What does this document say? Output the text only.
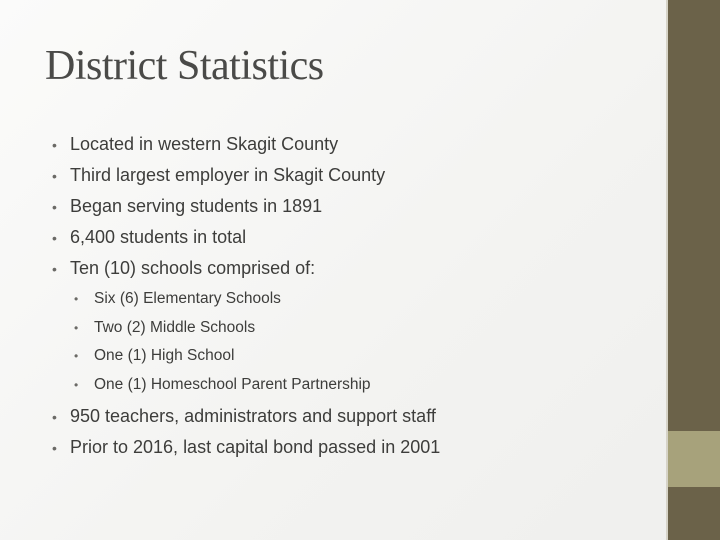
District Statistics
• Located in western Skagit County
• Third largest employer in Skagit County
• Began serving students in 1891
• 6,400 students in total
• Ten (10) schools comprised of:
• Six (6) Elementary Schools
• Two (2) Middle Schools
• One (1) High School
• One (1) Homeschool Parent Partnership
• 950 teachers, administrators and support staff
• Prior to 2016, last capital bond passed in 2001
